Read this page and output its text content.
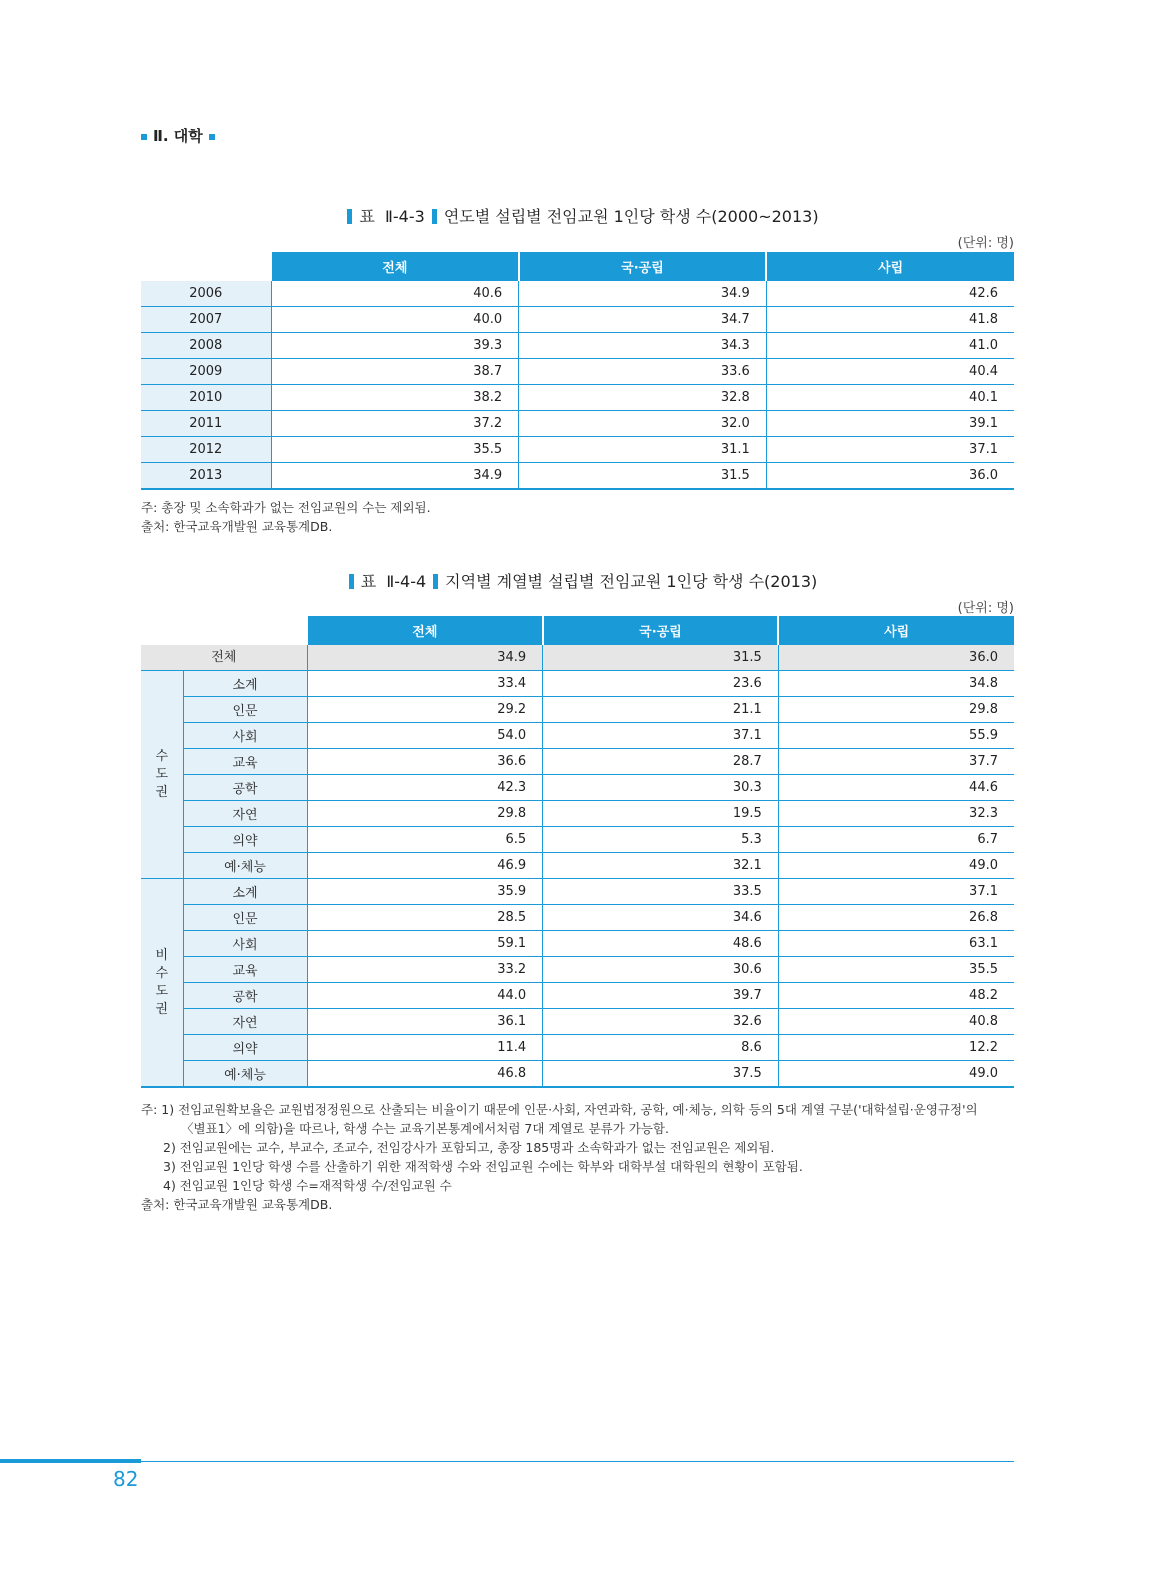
Ⅱ. 대학
표 Ⅱ-4-3 연도별 설립별 전임교원 1인당 학생 수(2000~2013)
(단위: 명)
	전체	국·공립	사립
2006	40.6	34.9	42.6
2007	40.0	34.7	41.8
2008	39.3	34.3	41.0
2009	38.7	33.6	40.4
2010	38.2	32.8	40.1
2011	37.2	32.0	39.1
2012	35.5	31.1	37.1
2013	34.9	31.5	36.0
주: 총장 및 소속학과가 없는 전임교원의 수는 제외됨.
출처: 한국교육개발원 교육통계DB.
표 Ⅱ-4-4 지역별 계열별 설립별 전임교원 1인당 학생 수(2013)
(단위: 명)
		전체	국·공립	사립
전체		34.9	31.5	36.0

수
도
권	소계	33.4	23.6	34.8
	인문	29.2	21.1	29.8
	사회	54.0	37.1	55.9
	교육	36.6	28.7	37.7
	공학	42.3	30.3	44.6
	자연	29.8	19.5	32.3
	의약	6.5	5.3	6.7
	예·체능	46.9	32.1	49.0

비
수
도
권	소계	35.9	33.5	37.1
	인문	28.5	34.6	26.8
	사회	59.1	48.6	63.1
	교육	33.2	30.6	35.5
	공학	44.0	39.7	48.2
	자연	36.1	32.6	40.8
	의약	11.4	8.6	12.2
	예·체능	46.8	37.5	49.0
주: 1) 전임교원확보율은 교원법정정원으로 산출되는 비율이기 때문에 인문·사회, 자연과학, 공학, 예·체능, 의학 등의 5대 계열 구분('대학설립·운영규정'의
〈별표1〉에 의함)을 따르나, 학생 수는 교육기본통계에서처럼 7대 계열로 분류가 가능함.
2) 전임교원에는 교수, 부교수, 조교수, 전임강사가 포함되고, 총장 185명과 소속학과가 없는 전임교원은 제외됨.
3) 전임교원 1인당 학생 수를 산출하기 위한 재적학생 수와 전임교원 수에는 학부와 대학부설 대학원의 현황이 포함됨.
4) 전임교원 1인당 학생 수=재적학생 수/전임교원 수
출처: 한국교육개발원 교육통계DB.
82
